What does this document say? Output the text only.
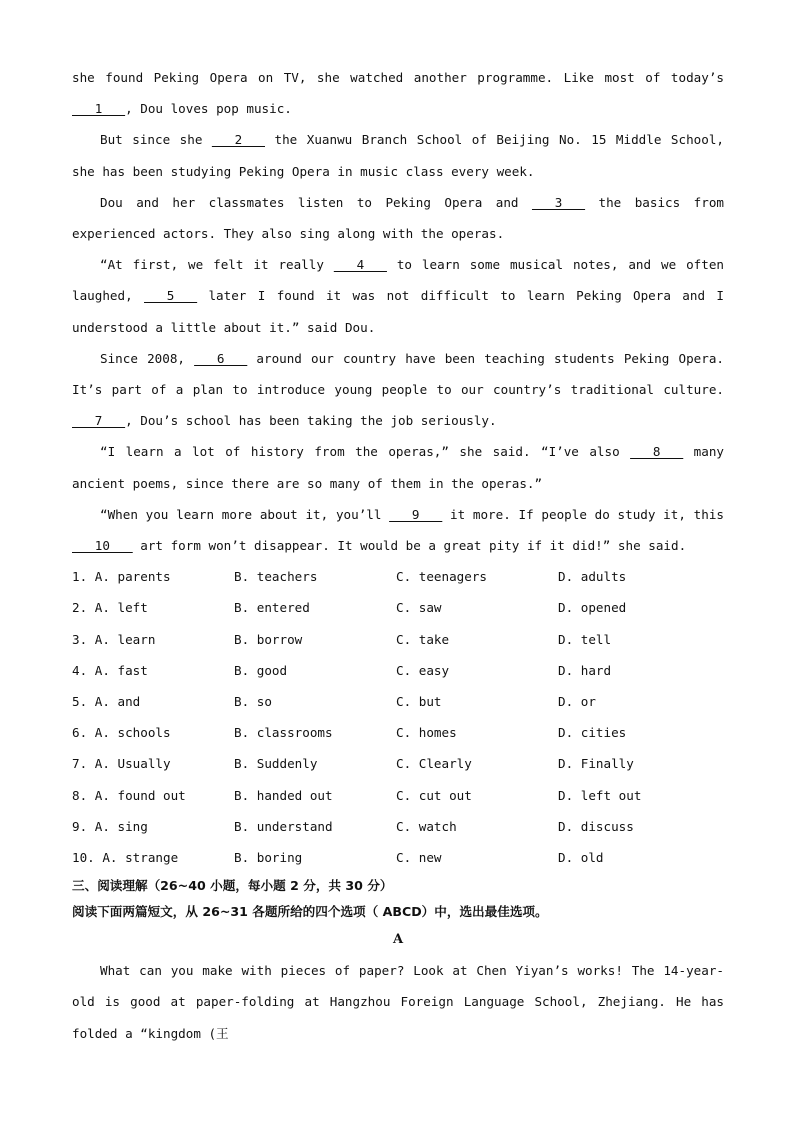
she found Peking Opera on TV, she watched another programme. Like most of today’s ___1___, Dou loves pop music.

But since she ___2___ the Xuanwu Branch School of Beijing No. 15 Middle School, she has been studying Peking Opera in music class every week.

Dou and her classmates listen to Peking Opera and ___3___ the basics from experienced actors. They also sing along with the operas.

“At first, we felt it really ___4___ to learn some musical notes, and we often laughed, ___5___ later I found it was not difficult to learn Peking Opera and I understood a little about it.” said Dou.

Since 2008, ___6___ around our country have been teaching students Peking Opera. It’s part of a plan to introduce young people to our country’s traditional culture. ___7___, Dou’s school has been taking the job seriously.

“I learn a lot of history from the operas,” she said. “I’ve also ___8___ many ancient poems, since there are so many of them in the operas.”

“When you learn more about it, you’ll ___9___ it more. If people do study it, this ___10___ art form won’t disappear. It would be a great pity if it did!” she said.

1. A. parents	B. teachers	C. teenagers	D. adults
2. A. left	B. entered	C. saw	D. opened
3. A. learn	B. borrow	C. take	D. tell
4. A. fast	B. good	C. easy	D. hard
5. A. and	B. so	C. but	D. or
6. A. schools	B. classrooms	C. homes	D. cities
7. A. Usually	B. Suddenly	C. Clearly	D. Finally
8. A. found out	B. handed out	C. cut out	D. left out
9. A. sing	B. understand	C. watch	D. discuss
10. A. strange	B. boring	C. new	D. old

三、阅读理解（26~40 小题，每小题 2 分，共 30 分）

阅读下面两篇短文，从 26~31 各题所给的四个选项（ ABCD）中，选出最佳选项。

A

What can you make with pieces of paper? Look at Chen Yiyan’s works! The 14-year-old is good at paper-folding at Hangzhou Foreign Language School, Zhejiang. He has folded a “kingdom (王
